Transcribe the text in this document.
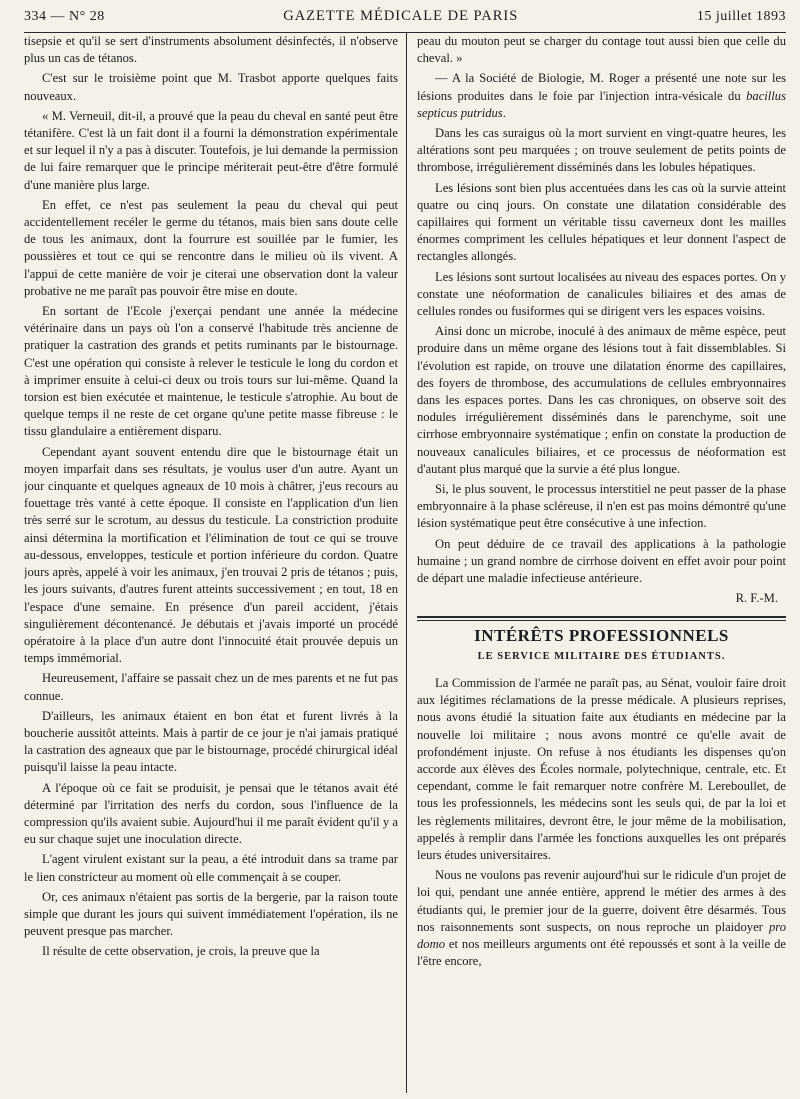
334 — N° 28	GAZETTE MÉDICALE DE PARIS	15 juillet 1893

tisepsie et qu'il se sert d'instruments absolument désinfectés, il n'observe plus un cas de tétanos.

C'est sur le troisième point que M. Trasbot apporte quelques faits nouveaux.

« M. Verneuil, dit-il, a prouvé que la peau du cheval en santé peut être tétanifère. C'est là un fait dont il a fourni la démonstration expérimentale et sur lequel il n'y a pas à discuter. Toutefois, je lui demande la permission de lui faire remarquer que le principe mériterait peut-être d'être formulé d'une manière plus large.

En effet, ce n'est pas seulement la peau du cheval qui peut accidentellement recéler le germe du tétanos, mais bien sans doute celle de tous les animaux, dont la fourrure est souillée par le fumier, les poussières et tout ce qui se rencontre dans le milieu où ils vivent. A l'appui de cette manière de voir je citerai une observation dont la valeur probative ne me paraît pas pouvoir être mise en doute.

En sortant de l'Ecole j'exerçai pendant une année la médecine vétérinaire dans un pays où l'on a conservé l'habitude très ancienne de pratiquer la castration des grands et petits ruminants par le bistournage. C'est une opération qui consiste à relever le testicule le long du cordon et à imprimer ensuite à celui-ci deux ou trois tours sur lui-même. Quand la torsion est bien exécutée et maintenue, le testicule s'atrophie. Au bout de quelque temps il ne reste de cet organe qu'une petite masse fibreuse : le tissu glandulaire a entièrement disparu.

Cependant ayant souvent entendu dire que le bistournage était un moyen imparfait dans ses résultats, je voulus user d'un autre. Ayant un jour cinquante et quelques agneaux de 10 mois à châtrer, j'eus recours au fouettage très vanté à cette époque. Il consiste en l'application d'un lien très serré sur le scrotum, au dessus du testicule. La constriction produite ainsi détermina la mortification et l'élimination de tout ce qui se trouve au-dessous, enveloppes, testicule et portion inférieure du cordon. Quatre jours après, appelé à voir les animaux, j'en trouvai 2 pris de tétanos ; puis, les jours suivants, d'autres furent atteints successivement ; en tout, 18 en l'espace d'une semaine. En présence d'un pareil accident, j'étais singulièrement décontenancé. Je débutais et j'avais importé un procédé opératoire à la place d'un autre dont l'innocuité était prouvée depuis un temps immémorial.

Heureusement, l'affaire se passait chez un de mes parents et ne fut pas connue.

D'ailleurs, les animaux étaient en bon état et furent livrés à la boucherie aussitôt atteints. Mais à partir de ce jour je n'ai jamais pratiqué la castration des agneaux que par le bistournage, procédé chirurgical idéal puisqu'il laisse la peau intacte.

A l'époque où ce fait se produisit, je pensai que le tétanos avait été déterminé par l'irritation des nerfs du cordon, sous l'influence de la compression qu'ils avaient subie. Aujourd'hui il me paraît évident qu'il y a eu sur chaque sujet une inoculation directe.

L'agent virulent existant sur la peau, a été introduit dans sa trame par le lien constricteur au moment où elle commençait à se couper.

Or, ces animaux n'étaient pas sortis de la bergerie, par la raison toute simple que durant les jours qui suivent immédiatement l'opération, ils ne peuvent presque pas marcher.

Il résulte de cette observation, je crois, la preuve que la

peau du mouton peut se charger du contage tout aussi bien que celle du cheval. »

— A la Société de Biologie, M. Roger a présenté une note sur les lésions produites dans le foie par l'injection intra-vésicale du bacillus septicus putridus.

Dans les cas suraigus où la mort survient en vingt-quatre heures, les altérations sont peu marquées ; on trouve seulement de petits points de thrombose, irrégulièrement disséminés dans les lobules hépatiques.

Les lésions sont bien plus accentuées dans les cas où la survie atteint quatre ou cinq jours. On constate une dilatation considérable des capillaires qui forment un véritable tissu caverneux dont les mailles énormes compriment les cellules hépatiques et leur donnent l'aspect de rectangles allongés.

Les lésions sont surtout localisées au niveau des espaces portes. On y constate une néoformation de canalicules biliaires et des amas de cellules rondes ou fusiformes qui se dirigent vers les espaces voisins.

Ainsi donc un microbe, inoculé à des animaux de même espèce, peut produire dans un même organe des lésions tout à fait dissemblables. Si l'évolution est rapide, on trouve une dilatation énorme des capillaires, des foyers de thrombose, des accumulations de cellules embryonnaires dans les espaces portes. Dans les cas chroniques, on observe soit des nodules irrégulièrement disséminés dans le parenchyme, soit une cirrhose embryonnaire systématique ; enfin on constate la production de nouveaux canalicules biliaires, et ce processus de néoformation est d'autant plus marqué que la survie a été plus longue.

Si, le plus souvent, le processus interstitiel ne peut passer de la phase embryonnaire à la phase scléreuse, il n'en est pas moins démontré qu'une lésion systématique peut être consécutive à une infection.

On peut déduire de ce travail des applications à la pathologie humaine ; un grand nombre de cirrhose doivent en effet avoir pour point de départ une maladie infectieuse antérieure.

R. F.-M.
INTÉRÊTS PROFESSIONNELS
LE SERVICE MILITAIRE DES ÉTUDIANTS.

La Commission de l'armée ne paraît pas, au Sénat, vouloir faire droit aux légitimes réclamations de la presse médicale. A plusieurs reprises, nous avons étudié la situation faite aux étudiants en médecine par la nouvelle loi militaire ; nous avons montré ce qu'elle avait de profondément injuste. On refuse à nos étudiants les dispenses qu'on accorde aux élèves des Écoles normale, polytechnique, centrale, etc. Et cependant, comme le fait remarquer notre confrère M. Lereboullet, de tous les professionnels, les médecins sont les seuls qui, de par la loi et les règlements militaires, devront être, le jour même de la mobilisation, appelés à remplir dans l'armée les fonctions auxquelles les ont préparés leurs études universitaires.

Nous ne voulons pas revenir aujourd'hui sur le ridicule d'un projet de loi qui, pendant une année entière, apprend le métier des armes à des étudiants qui, le premier jour de la guerre, doivent être désarmés. Tous nos raisonnements sont suspects, on nous reproche un plaidoyer pro domo et nos meilleurs arguments ont été repoussés et sont à la veille de l'être encore,
